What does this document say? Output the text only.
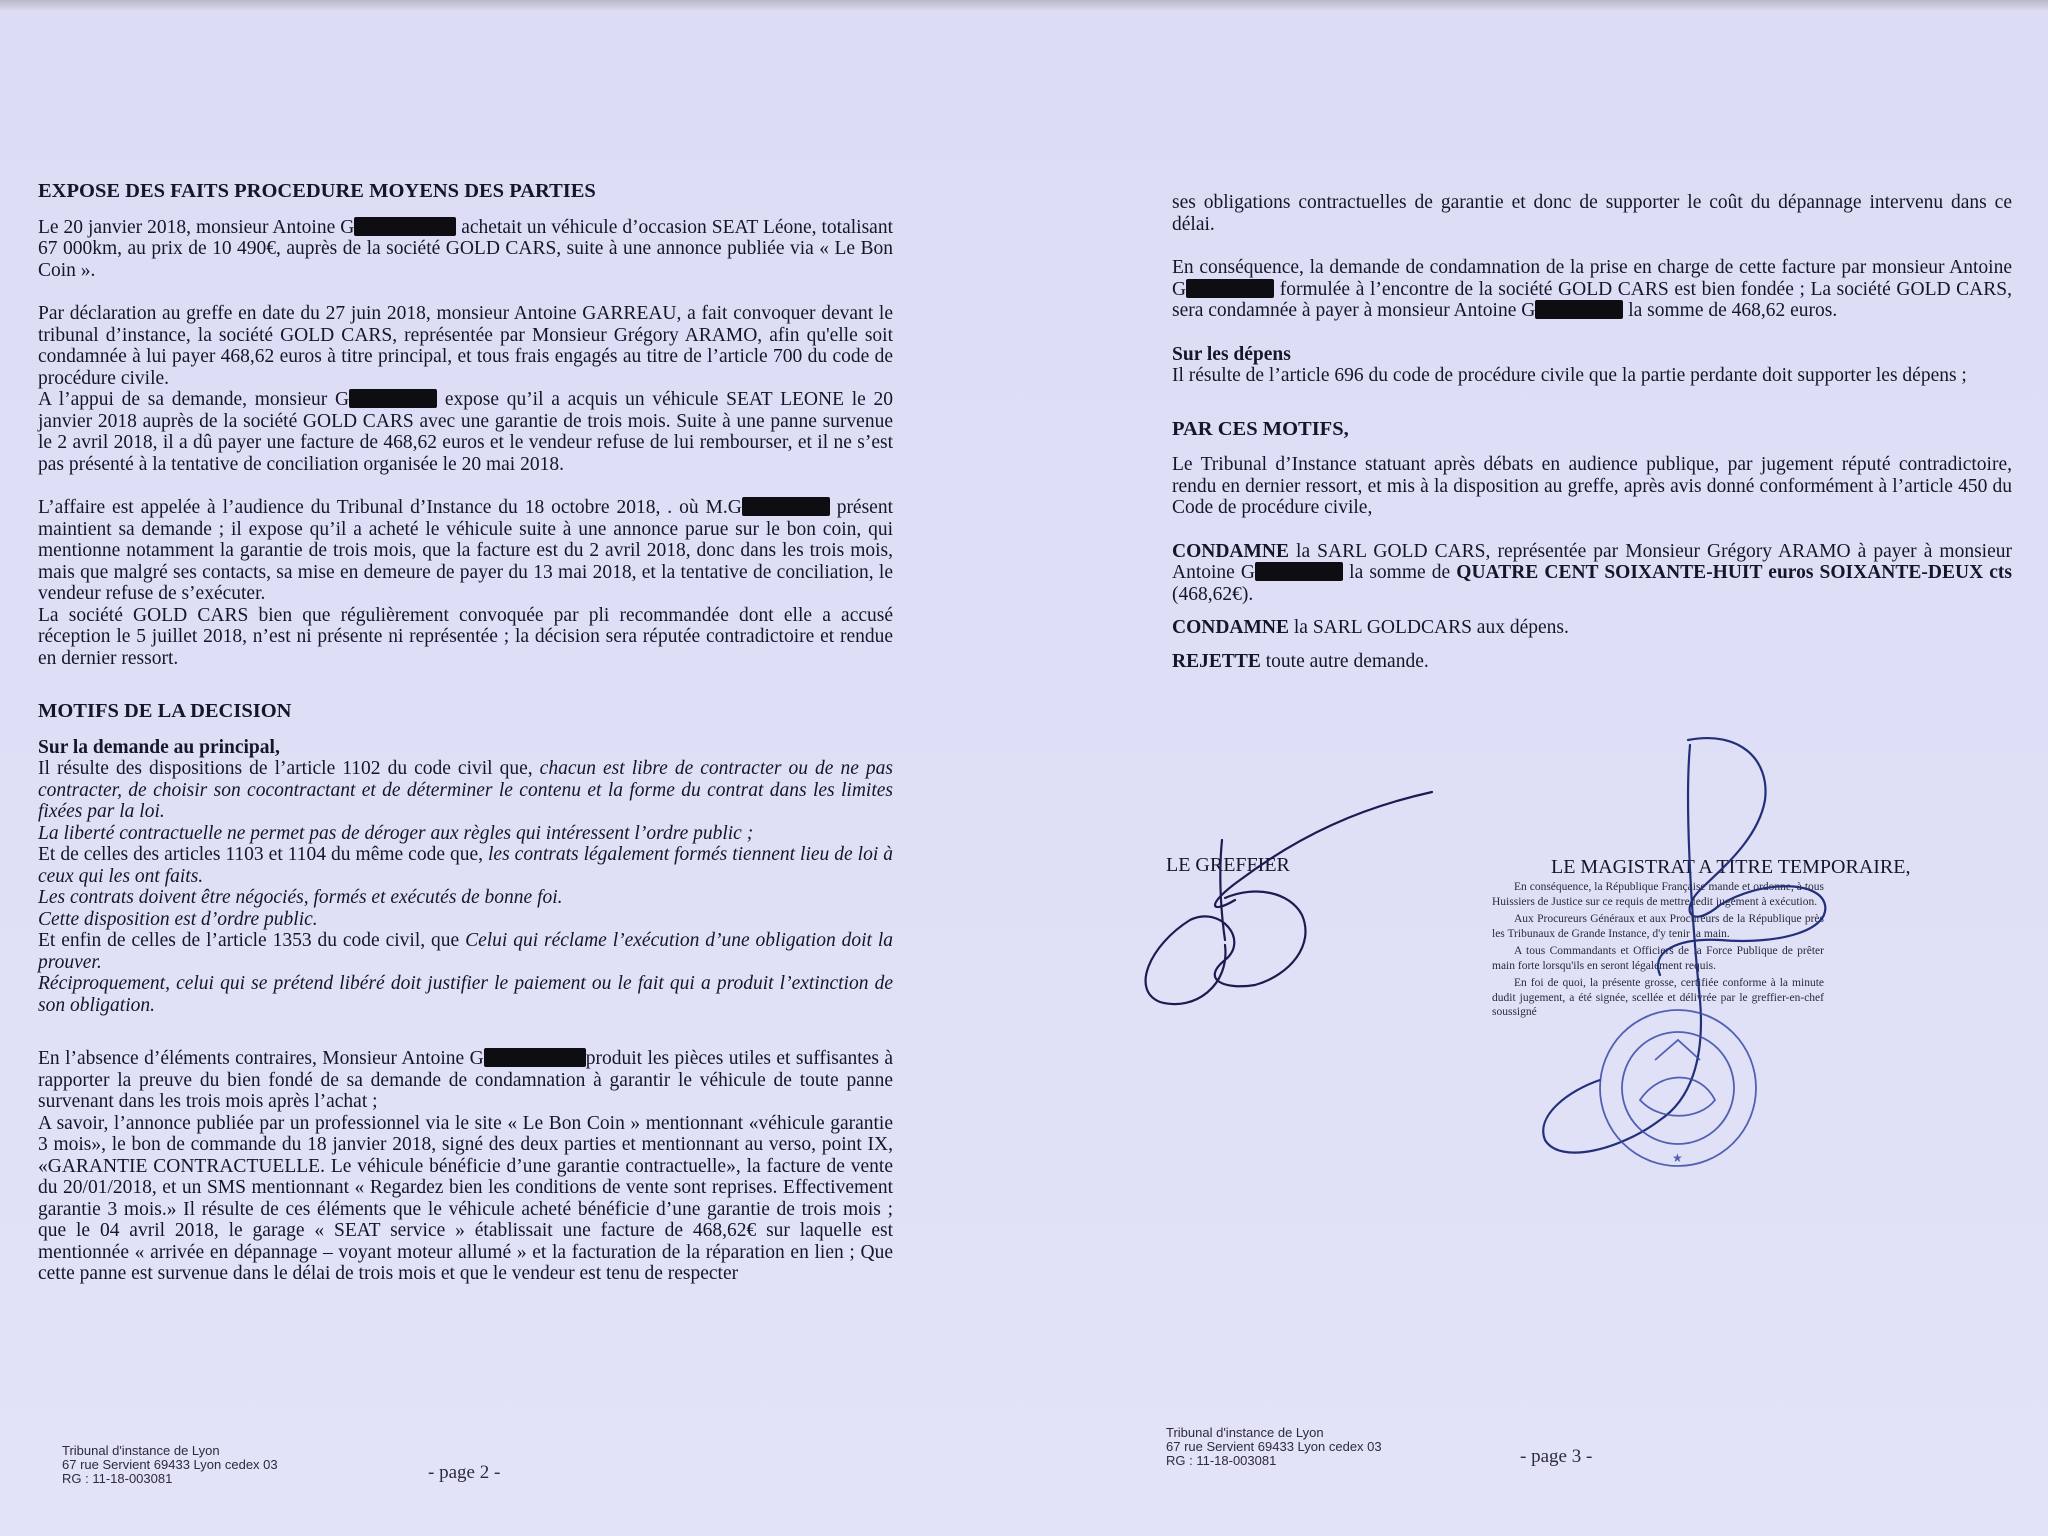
EXPOSE DES FAITS PROCEDURE MOYENS DES PARTIES

Le 20 janvier 2018, monsieur Antoine G	achetait un véhicule d’occasion SEAT Léone, totalisant 67 000km, au prix de 10 490€, auprès de la société GOLD CARS, suite à une annonce publiée via « Le Bon Coin ».

Par déclaration au greffe en date du 27 juin 2018, monsieur Antoine GARREAU, a fait convoquer devant le tribunal d’instance, la société GOLD CARS, représentée par Monsieur Grégory ARAMO, afin qu'elle soit condamnée à lui payer 468,62 euros à titre principal, et tous frais engagés au titre de l’article 700 du code de procédure civile.

A l’appui de sa demande, monsieur G	expose qu’il a acquis un véhicule SEAT LEONE le 20 janvier 2018 auprès de la société GOLD CARS avec une garantie de trois mois. Suite à une panne survenue le 2 avril 2018, il a dû payer une facture de 468,62 euros et le vendeur refuse de lui rembourser, et il ne s’est pas présenté à la tentative de conciliation organisée le 20 mai 2018.

L’affaire est appelée à l’audience du Tribunal d’Instance du 18 octobre 2018, . où M.G	présent maintient sa demande ; il expose qu’il a acheté le véhicule suite à une annonce parue sur le bon coin, qui mentionne notamment la garantie de trois mois, que la facture est du 2 avril 2018, donc dans les trois mois, mais que malgré ses contacts, sa mise en demeure de payer du 13 mai 2018, et la tentative de conciliation, le vendeur refuse de s’exécuter.

La société GOLD CARS bien que régulièrement convoquée par pli recommandée dont elle a accusé réception le 5 juillet 2018, n’est ni présente ni représentée ; la décision sera réputée contradictoire et rendue en dernier ressort.

MOTIFS DE LA DECISION

Sur la demande au principal,

Il résulte des dispositions de l’article 1102 du code civil que, chacun est libre de contracter ou de ne pas contracter, de choisir son cocontractant et de déterminer le contenu et la forme du contrat dans les limites fixées par la loi.

La liberté contractuelle ne permet pas de déroger aux règles qui intéressent l’ordre public ;

Et de celles des articles 1103 et 1104 du même code que, les contrats légalement formés tiennent lieu de loi à ceux qui les ont faits.

Les contrats doivent être négociés, formés et exécutés de bonne foi.

Cette disposition est d’ordre public.

Et enfin de celles de l’article 1353 du code civil, que Celui qui réclame l’exécution d’une obligation doit la prouver.

Réciproquement, celui qui se prétend libéré doit justifier le paiement ou le fait qui a produit l’extinction de son obligation.

En l’absence d’éléments contraires, Monsieur Antoine G	produit les pièces utiles et suffisantes à rapporter la preuve du bien fondé de sa demande de condamnation à garantir le véhicule de toute panne survenant dans les trois mois après l’achat ;

A savoir, l’annonce publiée par un professionnel via le site « Le Bon Coin » mentionnant «véhicule garantie 3 mois», le bon de commande du 18 janvier 2018, signé des deux parties et mentionnant au verso, point IX, «GARANTIE CONTRACTUELLE. Le véhicule bénéficie d’une garantie contractuelle», la facture de vente du 20/01/2018, et un SMS mentionnant « Regardez bien les conditions de vente sont reprises. Effectivement garantie 3 mois.» Il résulte de ces éléments que le véhicule acheté bénéficie d’une garantie de trois mois ; que le 04 avril 2018, le garage « SEAT service » établissait une facture de 468,62€ sur laquelle est mentionnée « arrivée en dépannage – voyant moteur allumé » et la facturation de la réparation en lien ; Que cette panne est survenue dans le délai de trois mois et que le vendeur est tenu de respecter

Tribunal d'instance de Lyon
67 rue Servient 69433 Lyon cedex 03
RG : 11-18-003081	- page 2 -

ses obligations contractuelles de garantie et donc de supporter le coût du dépannage intervenu dans ce délai.

En conséquence, la demande de condamnation de la prise en charge de cette facture par monsieur Antoine G	formulée à l’encontre de la société GOLD CARS est bien fondée ; La société GOLD CARS, sera condamnée à payer à monsieur Antoine G	la somme de 468,62 euros.

Sur les dépens

Il résulte de l’article 696 du code de procédure civile que la partie perdante doit supporter les dépens ;

PAR CES MOTIFS,

Le Tribunal d’Instance statuant après débats en audience publique, par jugement réputé contradictoire, rendu en dernier ressort, et mis à la disposition au greffe, après avis donné conformément à l’article 450 du Code de procédure civile,

CONDAMNE la SARL GOLD CARS, représentée par Monsieur Grégory ARAMO à payer à monsieur Antoine G	la somme de QUATRE CENT SOIXANTE-HUIT euros SOIXANTE-DEUX cts (468,62€).

CONDAMNE la SARL GOLDCARS aux dépens.

REJETTE toute autre demande.

LE GREFFIER	LE MAGISTRAT A TITRE TEMPORAIRE,

En conséquence, la République Française mande et ordonne, à tous Huissiers de Justice sur ce requis de mettre ledit jugement à exécution.

Aux Procureurs Généraux et aux Procureurs de la République près les Tribunaux de Grande Instance, d'y tenir la main.

A tous Commandants et Officiers de la Force Publique de prêter main forte lorsqu'ils en seront légalement requis.

En foi de quoi, la présente grosse, certifiée conforme à la minute dudit jugement, a été signée, scellée et délivrée par le greffier-en-chef soussigné

Tribunal d'instance de Lyon
67 rue Servient 69433 Lyon cedex 03
RG : 11-18-003081	- page 3 -
★
